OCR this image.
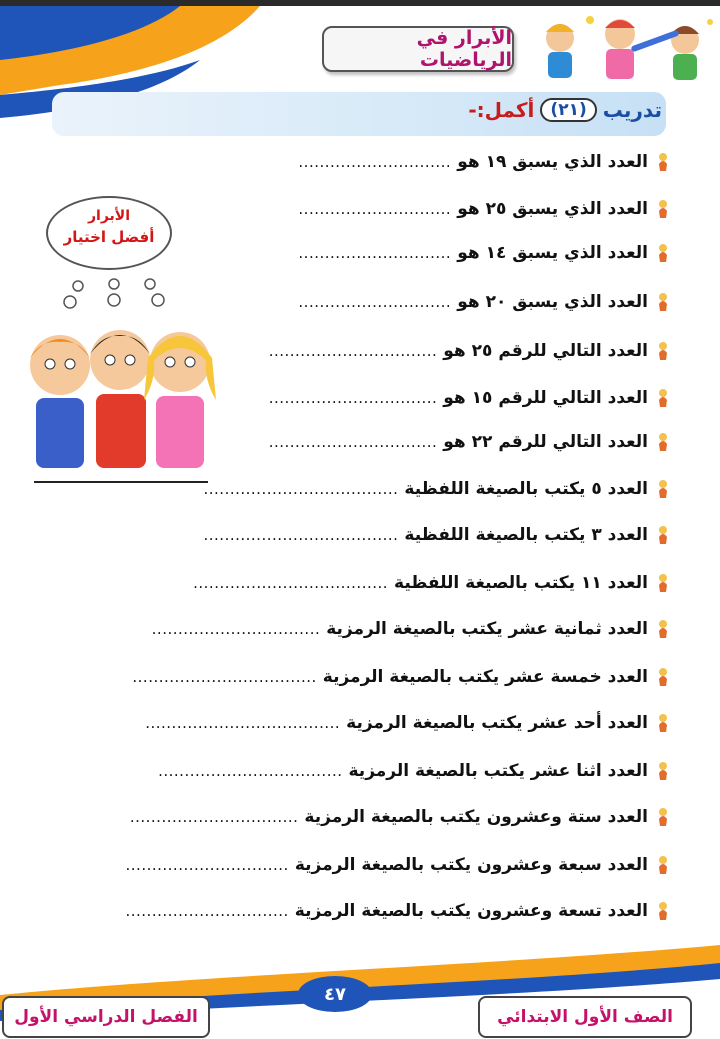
الأبرار في الرياضيات
تدريب
(٢١)
أكمل:-
العدد الذي يسبق ١٩ هو
.............................
العدد الذي يسبق ٢٥ هو
.............................
العدد الذي يسبق ١٤ هو
.............................
العدد الذي يسبق ٢٠ هو
.............................
العدد التالي للرقم ٢٥ هو
................................
العدد التالي للرقم ١٥ هو
................................
العدد التالي للرقم ٢٢ هو
................................
العدد ٥ يكتب بالصيغة اللفظية
.....................................
العدد ٣ يكتب بالصيغة اللفظية
.....................................
العدد ١١ يكتب بالصيغة اللفظية
.....................................
العدد ثمانية عشر يكتب بالصيغة الرمزية
................................
العدد خمسة عشر يكتب بالصيغة الرمزية
...................................
العدد أحد عشر يكتب بالصيغة الرمزية
.....................................
العدد اثنا عشر يكتب بالصيغة الرمزية
...................................
العدد ستة وعشرون يكتب بالصيغة الرمزية
................................
العدد سبعة وعشرون يكتب بالصيغة الرمزية
...............................
العدد تسعة وعشرون يكتب بالصيغة الرمزية
...............................
الأبرار
أفضل اختيار
٤٧
الفصل الدراسي الأول	الصف الأول الابتدائي
